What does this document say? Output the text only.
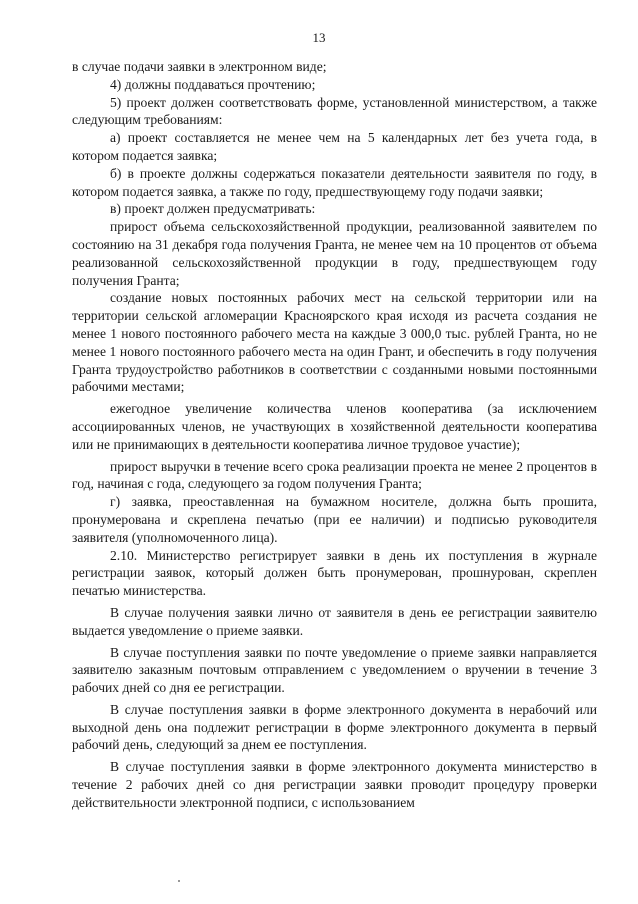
13

в случае подачи заявки в электронном виде;

4) должны поддаваться прочтению;

5) проект должен соответствовать форме, установленной министерством, а также следующим требованиям:

а) проект составляется не менее чем на 5 календарных лет без учета года, в котором подается заявка;

б) в проекте должны содержаться показатели деятельности заявителя по году, в котором подается заявка, а также по году, предшествующему году подачи заявки;

в) проект должен предусматривать:

прирост объема сельскохозяйственной продукции, реализованной заявителем по состоянию на 31 декабря года получения Гранта, не менее чем на 10 процентов от объема реализованной сельскохозяйственной продукции в году, предшествующем году получения Гранта;

создание новых постоянных рабочих мест на сельской территории или на территории сельской агломерации Красноярского края исходя из расчета создания не менее 1 нового постоянного рабочего места на каждые 3 000,0 тыс. рублей Гранта, но не менее 1 нового постоянного рабочего места на один Грант, и обеспечить в году получения Гранта трудоустройство работников в соответствии с созданными новыми постоянными рабочими местами;

ежегодное увеличение количества членов кооператива (за исключением ассоциированных членов, не участвующих в хозяйственной деятельности кооператива или не принимающих в деятельности кооператива личное трудовое участие);

прирост выручки в течение всего срока реализации проекта не менее 2 процентов в год, начиная с года, следующего за годом получения Гранта;

г) заявка, преоставленная на бумажном носителе, должна быть прошита, пронумерована и скреплена печатью (при ее наличии) и подписью руководителя заявителя (уполномоченного лица).

2.10. Министерство регистрирует заявки в день их поступления в журнале регистрации заявок, который должен быть пронумерован, прошнурован, скреплен печатью министерства.

В случае получения заявки лично от заявителя в день ее регистрации заявителю выдается уведомление о приеме заявки.

В случае поступления заявки по почте уведомление о приеме заявки направляется заявителю заказным почтовым отправлением с уведомлением о вручении в течение 3 рабочих дней со дня ее регистрации.

В случае поступления заявки в форме электронного документа в нерабочий или выходной день она подлежит регистрации в форме электронного документа в первый рабочий день, следующий за днем ее поступления.

В случае поступления заявки в форме электронного документа министерство в течение 2 рабочих дней со дня регистрации заявки проводит процедуру проверки действительности электронной подписи, с использованием
